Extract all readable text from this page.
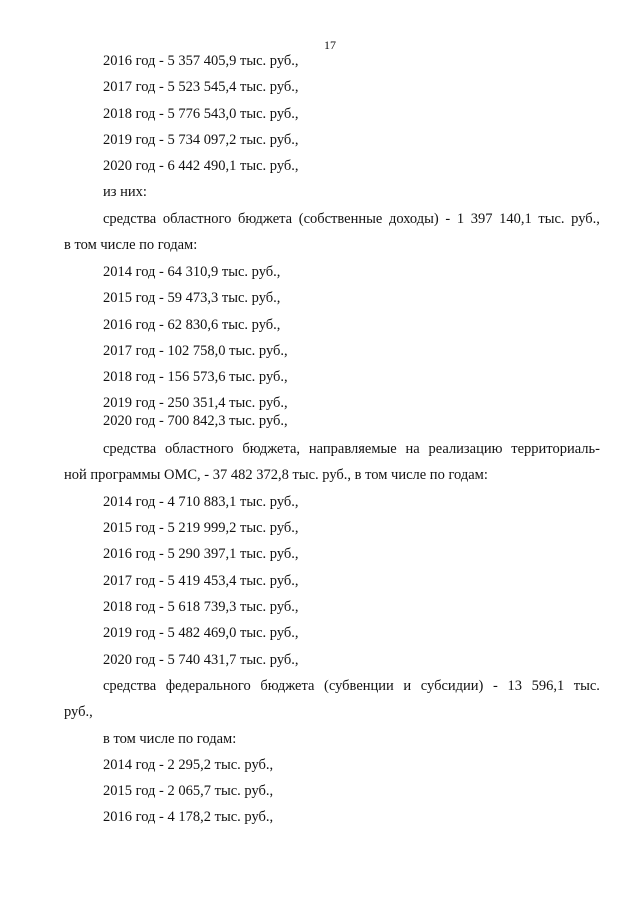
17
2016 год - 5 357 405,9 тыс. руб.,
2017 год - 5 523 545,4 тыс. руб.,
2018 год - 5 776 543,0 тыс. руб.,
2019 год - 5 734 097,2 тыс. руб.,
2020 год - 6 442 490,1 тыс. руб.,
из них:
средства областного бюджета (собственные доходы) - 1 397 140,1 тыс. руб.,
в том числе по годам:
2014 год - 64 310,9 тыс. руб.,
2015 год - 59 473,3 тыс. руб.,
2016 год - 62 830,6 тыс. руб.,
2017 год - 102 758,0 тыс. руб.,
2018 год - 156 573,6 тыс. руб.,
2019 год - 250 351,4 тыс. руб.,
2020 год - 700 842,3 тыс. руб.,
средства областного бюджета, направляемые на реализацию территориаль-
ной программы ОМС, - 37 482 372,8 тыс. руб., в том числе по годам:
2014 год - 4 710 883,1 тыс. руб.,
2015 год - 5 219 999,2 тыс. руб.,
2016 год - 5 290 397,1 тыс. руб.,
2017 год - 5 419 453,4 тыс. руб.,
2018 год - 5 618 739,3 тыс. руб.,
2019 год - 5 482 469,0 тыс. руб.,
2020 год - 5 740 431,7 тыс. руб.,
средства федерального бюджета (субвенции и субсидии) - 13 596,1 тыс.
руб.,
в том числе по годам:
2014 год - 2 295,2 тыс. руб.,
2015 год - 2 065,7 тыс. руб.,
2016 год - 4 178,2 тыс. руб.,
